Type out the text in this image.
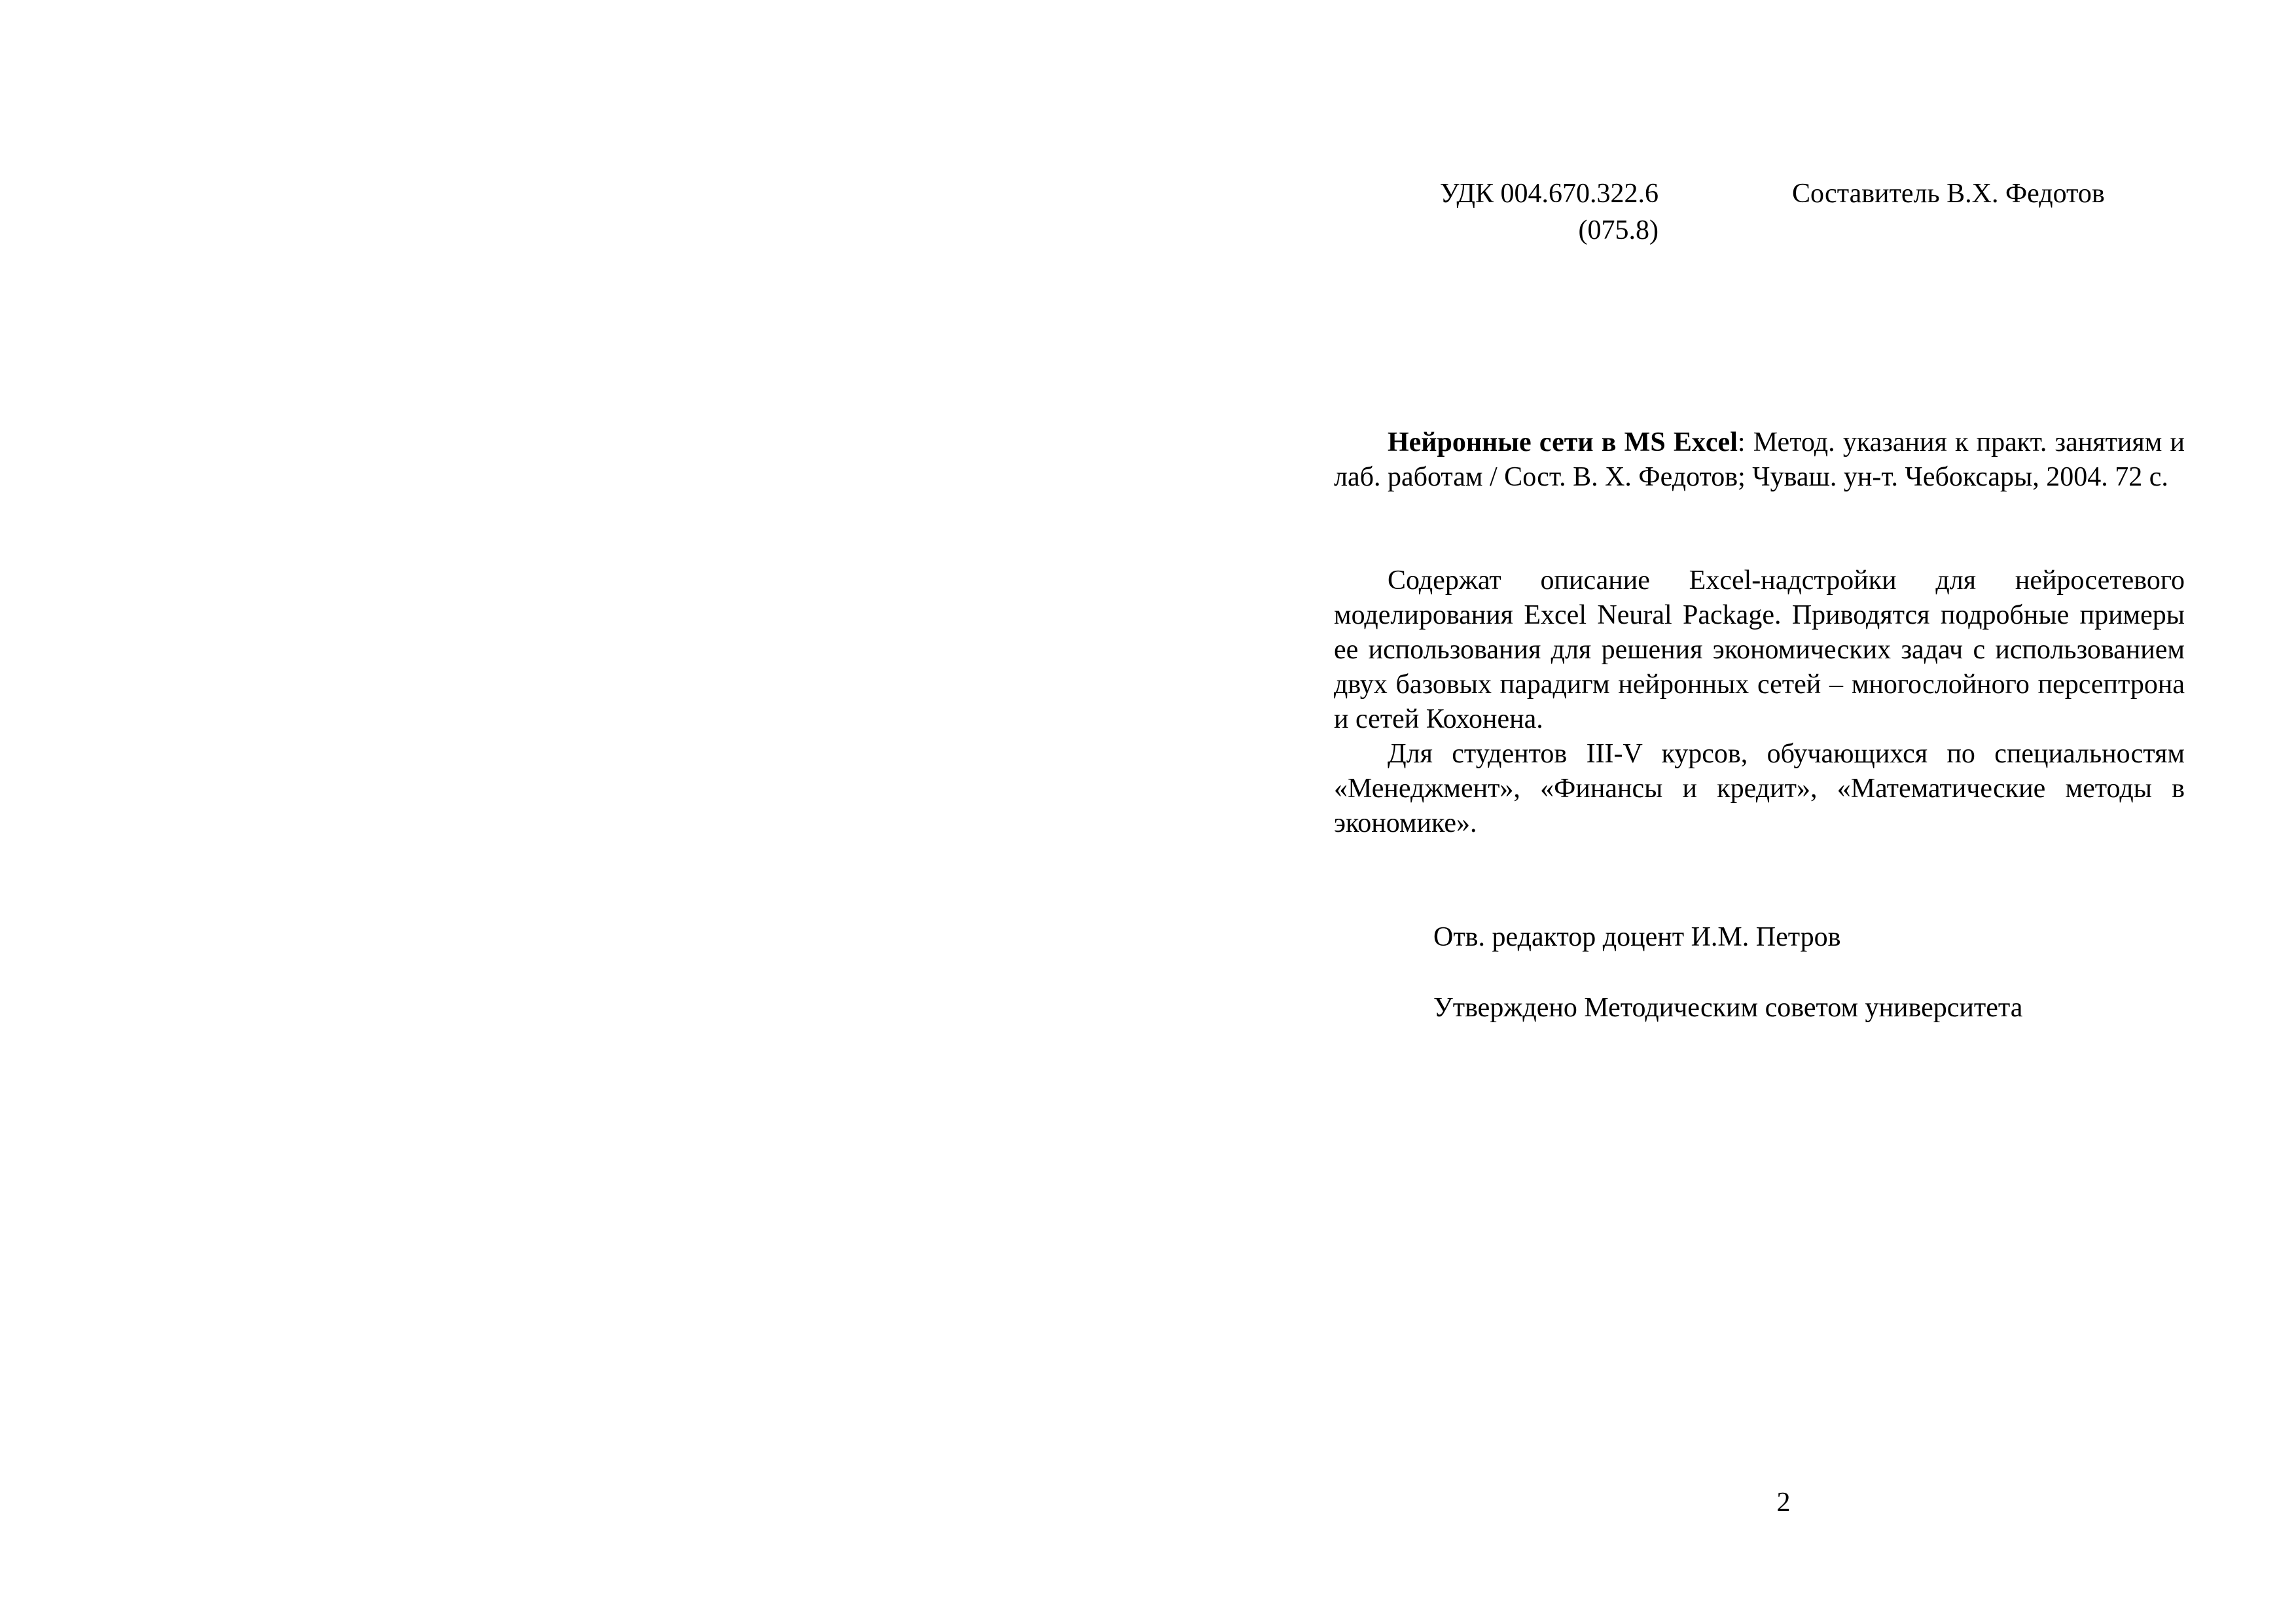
УДК 004.670.322.6
(075.8)
Составитель В.Х. Федотов

Нейронные сети в MS Excel: Метод. указания к практ. занятиям и лаб. работам / Сост. В. Х. Федотов; Чуваш. ун-т. Чебоксары, 2004. 72 с.

Содержат описание Excel-надстройки для нейросетевого моделирования Excel Neural Package. Приводятся подробные примеры ее использования для решения экономических задач с использованием двух базовых парадигм нейронных сетей – многослойного персептрона и сетей Кохонена.

Для студентов III-V курсов, обучающихся по специальностям «Менеджмент», «Финансы и кредит», «Математические методы в экономике».

Отв. редактор доцент И.М. Петров
Утверждено Методическим советом университета
2
